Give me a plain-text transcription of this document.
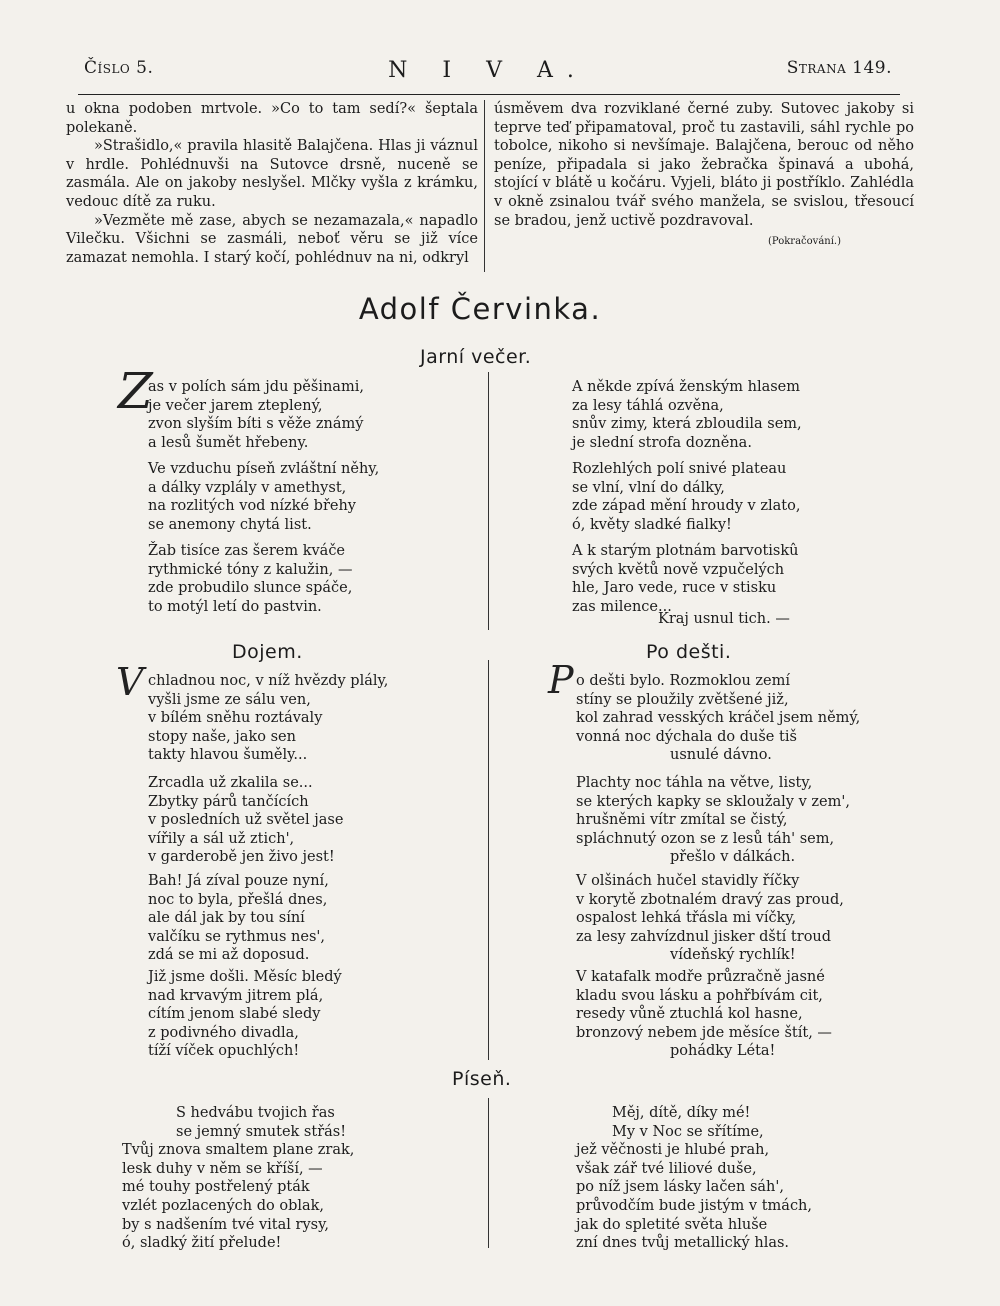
Číslo 5.	N I V A.	Strana 149.

u okna podoben mrtvole. »Co to tam sedí?« šeptala polekaně.

»Strašidlo,« pravila hlasitě Balajčena. Hlas ji váznul v hrdle. Pohlédnuvši na Sutovce drsně, nuceně se zasmála. Ale on jakoby neslyšel. Mlčky vyšla z krámku, vedouc dítě za ruku.

»Vezměte mě zase, abych se nezamazala,« napadlo Vilečku. Všichni se zasmáli, neboť věru se již více zamazat nemohla. I starý kočí, pohlédnuv na ni, odkryl

úsměvem dva rozviklané černé zuby. Sutovec jakoby si teprve teď připamatoval, proč tu zastavili, sáhl rychle po tobolce, nikoho si nevšímaje. Balajčena, berouc od něho peníze, připadala si jako žebračka špinavá a ubohá, stojící v blátě u kočáru. Vyjeli, bláto ji postříklo. Zahlédla v okně zsinalou tvář svého manžela, se svislou, třesoucí se bradou, jenž uctivě pozdravoval.

(Pokračování.)
Adolf Červinka.
Jarní večer.
Z
as v polích sám jdu pěšinami,
je večer jarem zteplený,
zvon slyším bíti s věže známý
a lesů šumět hřebeny.
Ve vzduchu píseň zvláštní něhy,
a dálky vzplály v amethyst,
na rozlitých vod nízké břehy
se anemony chytá list.
Žab tisíce zas šerem kváče
rythmické tóny z kalužin, —
zde probudilo slunce spáče,
to motýl letí do pastvin.
A někde zpívá ženským hlasem
za lesy táhlá ozvěna,
snův zimy, která zbloudila sem,
je slední strofa dozněna.
Rozlehlých polí snivé plateau
se vlní, vlní do dálky,
zde západ mění hroudy v zlato,
ó, květy sladké fialky!
A k starým plotnám barvotiskû
svých květů nově vzpučelých
hle, Jaro vede, ruce v stisku
zas milence...
Kraj usnul tich. —
Dojem.
V chladnou noc, v níž hvězdy plály,
vyšli jsme ze sálu ven,
v bílém sněhu roztávaly
stopy naše, jako sen
takty hlavou šuměly...
Zrcadla už zkalila se...
Zbytky párů tančících
v posledních už světel jase
vířily a sál už ztich',
v garderobě jen živo jest!
Bah! Já zíval pouze nyní,
noc to byla, přešlá dnes,
ale dál jak by tou síní
valčíku se rythmus nes',
zdá se mi až doposud.
Již jsme došli. Měsíc bledý
nad krvavým jitrem plá,
cítím jenom slabé sledy
z podivného divadla,
tíží víček opuchlých!
Po dešti.
P o dešti bylo. Rozmoklou zemí
stíny se ploužily zvětšené již,
kol zahrad vesských kráčel jsem němý,
vonná noc dýchala do duše tiš
usnulé dávno.
Plachty noc táhla na větve, listy,
se kterých kapky se skloužaly v zem',
hrušněmi vítr zmítal se čistý,
spláchnutý ozon se z lesů táh' sem,
přešlo v dálkách.
V olšinách hučel stavidly říčky
v korytě zbotnalém dravý zas proud,
ospalost lehká třásla mi víčky,
za lesy zahvízdnul jisker dští troud
vídeňský rychlík!
V katafalk modře průzračně jasné
kladu svou lásku a pohřbívám cit,
resedy vůně ztuchlá kol hasne,
bronzový nebem jde měsíce štít, —
pohádky Léta!
Píseň.
S hedvábu tvojich řas
se jemný smutek střás!
Tvůj znova smaltem plane zrak,
lesk duhy v něm se kříší, —
mé touhy postřelený pták
vzlét pozlacených do oblak,
by s nadšením tvé vital rysy,
ó, sladký žití přelude!
Měj, dítě, díky mé!
My v Noc se sřítíme,
jež věčnosti je hlubé prah,
však zář tvé liliové duše,
po níž jsem lásky lačen sáh',
průvodčím bude jistým v tmách,
jak do spletité světa hluše
zní dnes tvůj metallický hlas.
